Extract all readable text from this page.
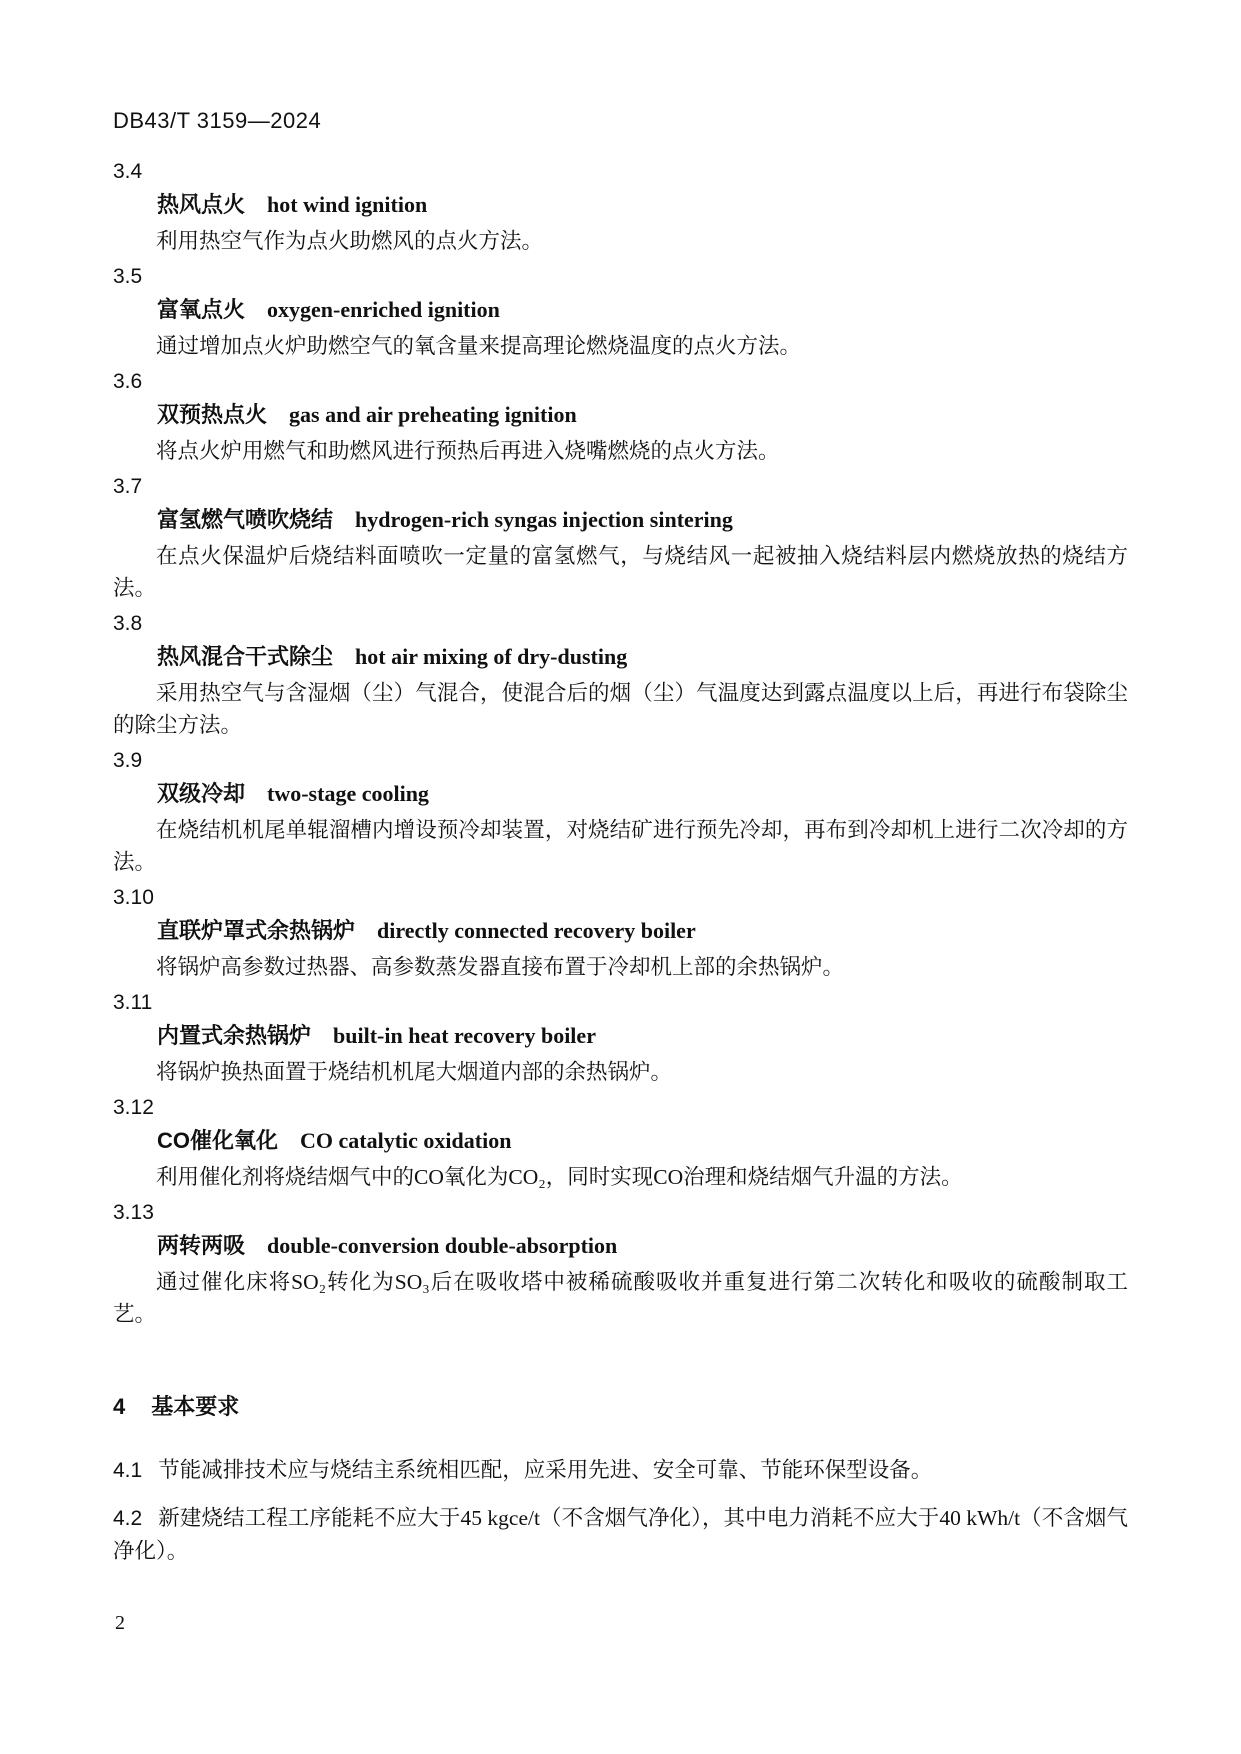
DB43/T 3159—2024
3.4
热风点火 hot wind ignition

利用热空气作为点火助燃风的点火方法。

3.5
富氧点火 oxygen-enriched ignition

通过增加点火炉助燃空气的氧含量来提高理论燃烧温度的点火方法。

3.6
双预热点火 gas and air preheating ignition

将点火炉用燃气和助燃风进行预热后再进入烧嘴燃烧的点火方法。

3.7
富氢燃气喷吹烧结 hydrogen-rich syngas injection sintering

在点火保温炉后烧结料面喷吹一定量的富氢燃气，与烧结风一起被抽入烧结料层内燃烧放热的烧结方法。

3.8
热风混合干式除尘 hot air mixing of dry-dusting

采用热空气与含湿烟（尘）气混合，使混合后的烟（尘）气温度达到露点温度以上后，再进行布袋除尘的除尘方法。

3.9
双级冷却 two-stage cooling

在烧结机机尾单辊溜槽内增设预冷却装置，对烧结矿进行预先冷却，再布到冷却机上进行二次冷却的方法。

3.10
直联炉罩式余热锅炉 directly connected recovery boiler

将锅炉高参数过热器、高参数蒸发器直接布置于冷却机上部的余热锅炉。

3.11
内置式余热锅炉 built-in heat recovery boiler

将锅炉换热面置于烧结机机尾大烟道内部的余热锅炉。

3.12
CO催化氧化 CO catalytic oxidation

利用催化剂将烧结烟气中的CO氧化为CO₂，同时实现CO治理和烧结烟气升温的方法。

3.13
两转两吸 double-conversion double-absorption

通过催化床将SO₂转化为SO₃后在吸收塔中被稀硫酸吸收并重复进行第二次转化和吸收的硫酸制取工艺。

4 基本要求

4.1 节能减排技术应与烧结主系统相匹配，应采用先进、安全可靠、节能环保型设备。

4.2 新建烧结工程工序能耗不应大于45 kgce/t（不含烟气净化），其中电力消耗不应大于40 kWh/t（不含烟气净化）。

2
